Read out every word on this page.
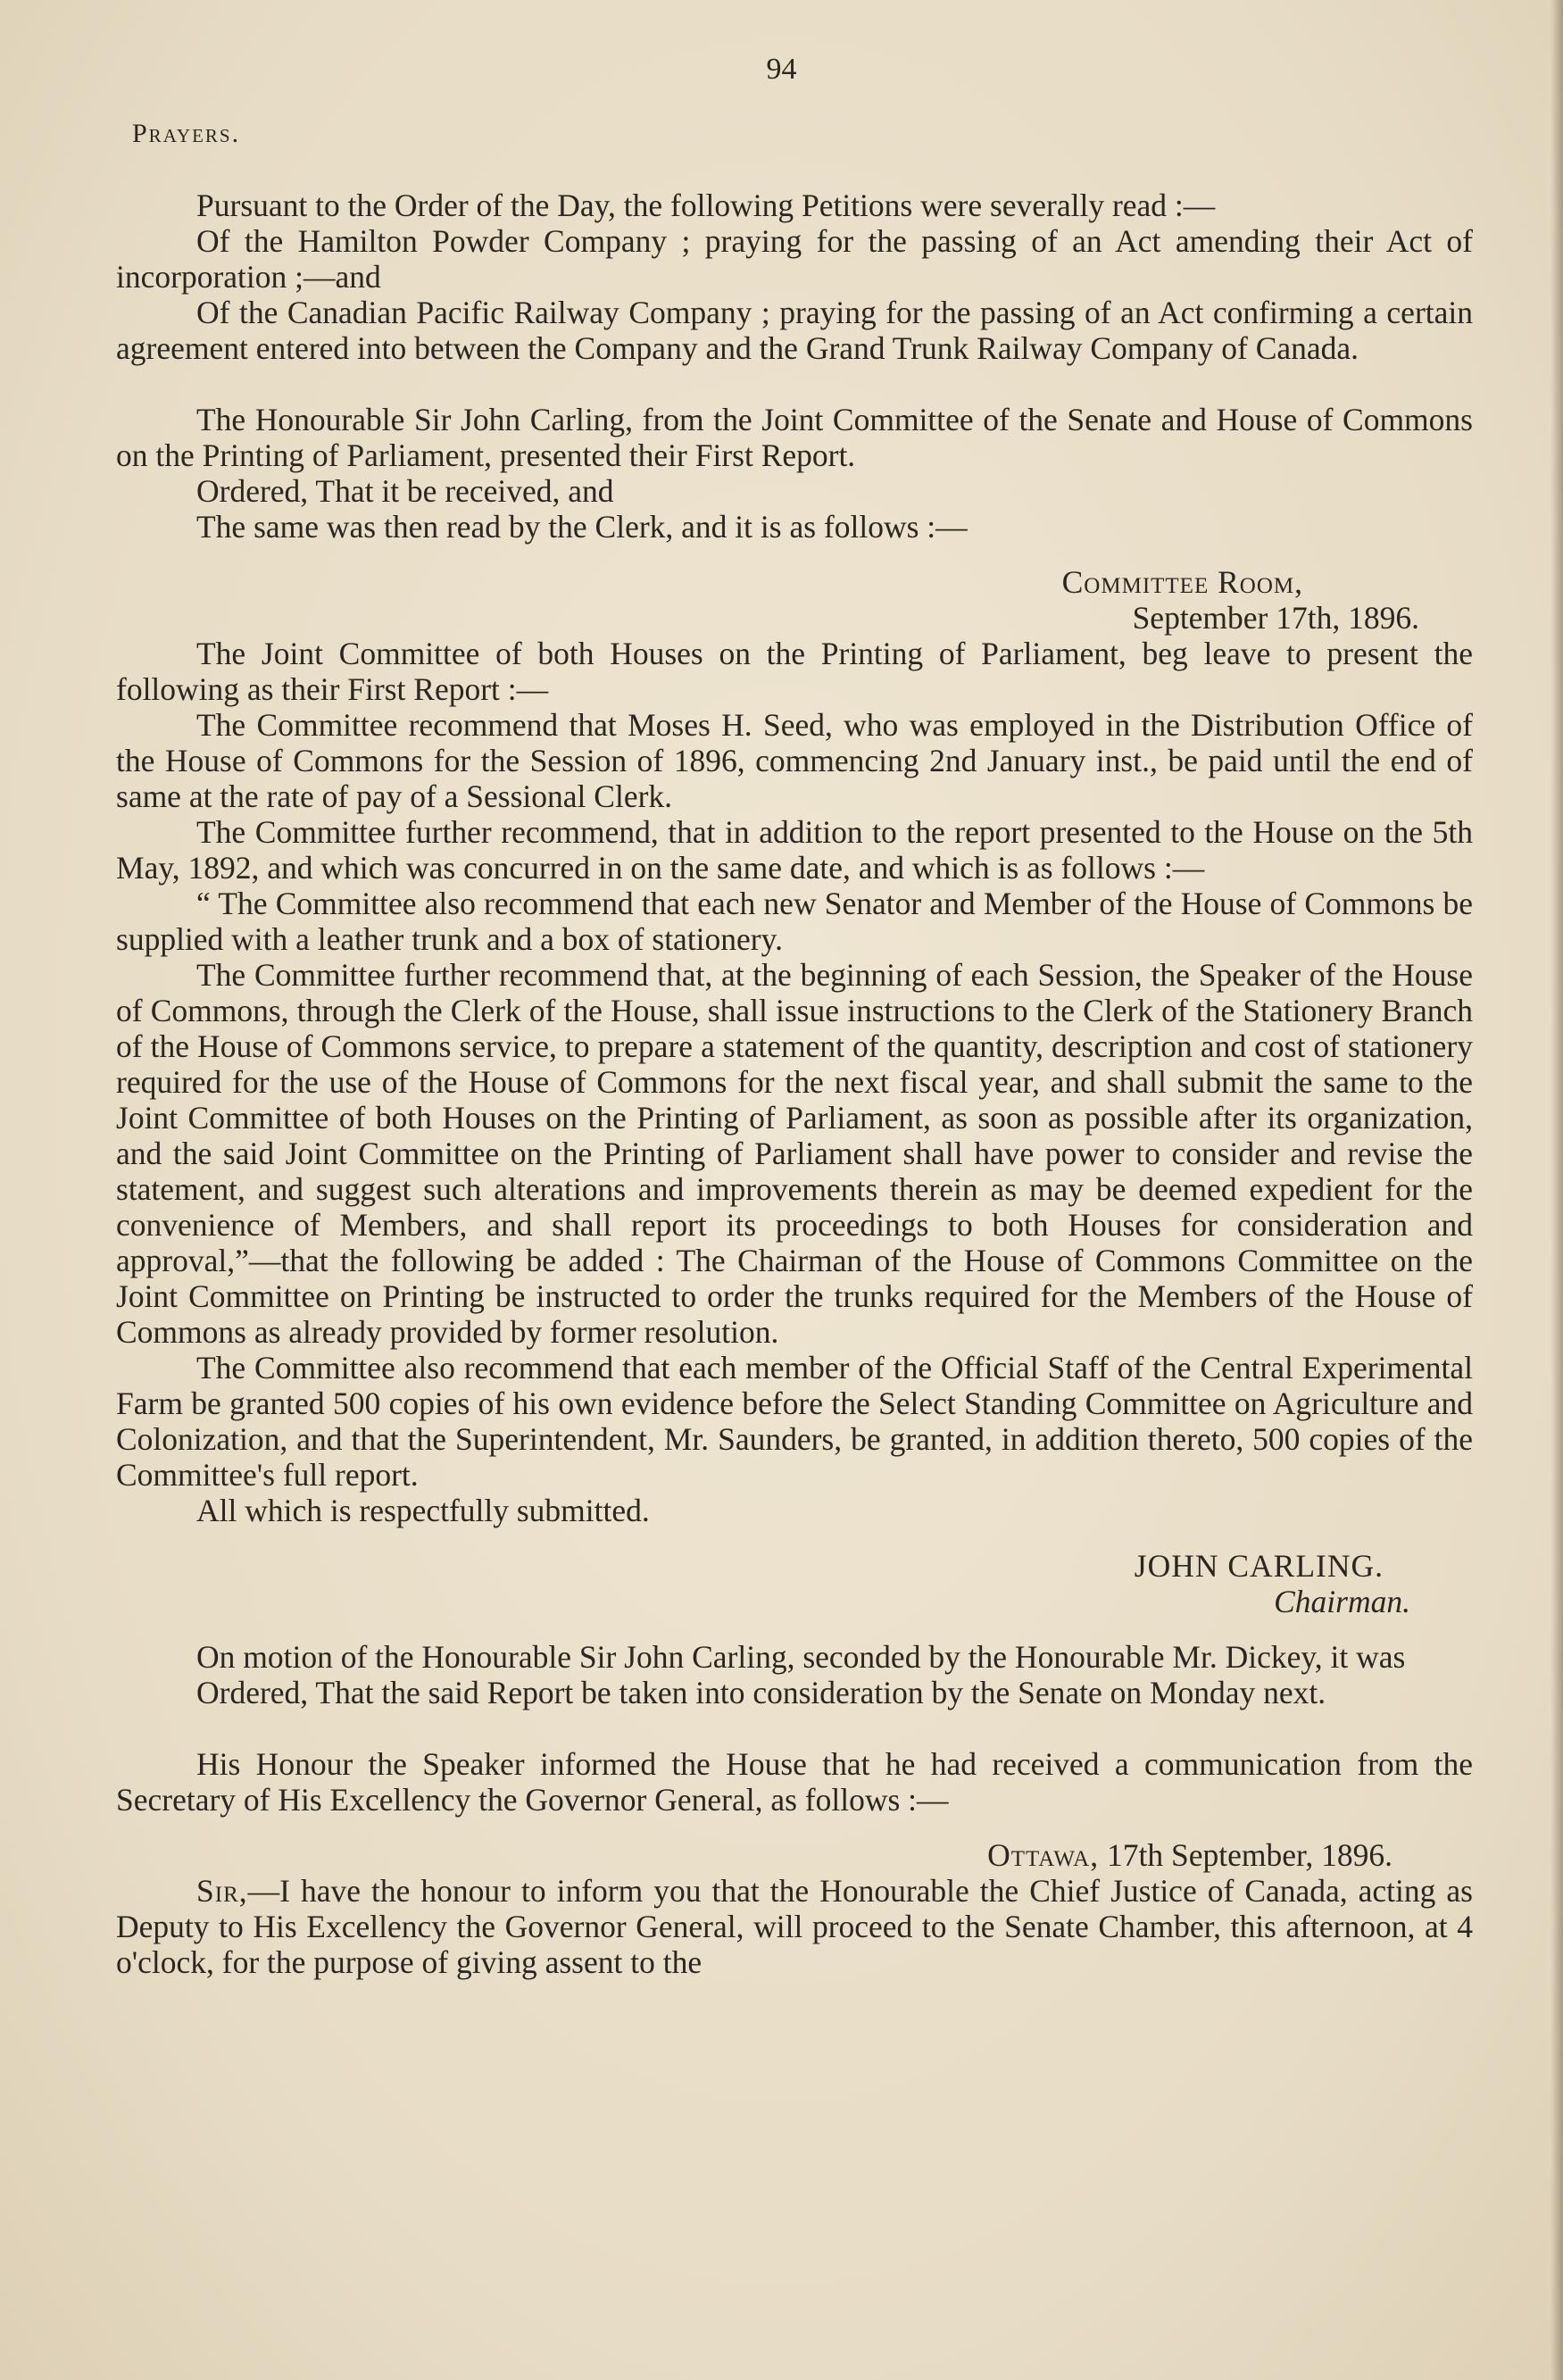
94
Prayers.

Pursuant to the Order of the Day, the following Petitions were severally read :—

Of the Hamilton Powder Company ; praying for the passing of an Act amending their Act of incorporation ;—and

Of the Canadian Pacific Railway Company ; praying for the passing of an Act confirming a certain agreement entered into between the Company and the Grand Trunk Railway Company of Canada.

The Honourable Sir John Carling, from the Joint Committee of the Senate and House of Commons on the Printing of Parliament, presented their First Report.

Ordered, That it be received, and

The same was then read by the Clerk, and it is as follows :—

Committee Room,

September 17th, 1896.

The Joint Committee of both Houses on the Printing of Parliament, beg leave to present the following as their First Report :—

The Committee recommend that Moses H. Seed, who was employed in the Distribution Office of the House of Commons for the Session of 1896, commencing 2nd January inst., be paid until the end of same at the rate of pay of a Sessional Clerk.

The Committee further recommend, that in addition to the report presented to the House on the 5th May, 1892, and which was concurred in on the same date, and which is as follows :—

“ The Committee also recommend that each new Senator and Member of the House of Commons be supplied with a leather trunk and a box of stationery.

The Committee further recommend that, at the beginning of each Session, the Speaker of the House of Commons, through the Clerk of the House, shall issue instructions to the Clerk of the Stationery Branch of the House of Commons service, to prepare a statement of the quantity, description and cost of stationery required for the use of the House of Commons for the next fiscal year, and shall submit the same to the Joint Committee of both Houses on the Printing of Parliament, as soon as possible after its organization, and the said Joint Committee on the Printing of Parliament shall have power to consider and revise the statement, and suggest such alterations and improvements therein as may be deemed expedient for the convenience of Members, and shall report its proceedings to both Houses for consideration and approval,”—that the following be added : The Chairman of the House of Commons Committee on the Joint Committee on Printing be instructed to order the trunks required for the Members of the House of Commons as already provided by former resolution.

The Committee also recommend that each member of the Official Staff of the Central Experimental Farm be granted 500 copies of his own evidence before the Select Standing Committee on Agriculture and Colonization, and that the Superintendent, Mr. Saunders, be granted, in addition thereto, 500 copies of the Committee's full report.

All which is respectfully submitted.

JOHN CARLING.

Chairman.

On motion of the Honourable Sir John Carling, seconded by the Honourable Mr. Dickey, it was

Ordered, That the said Report be taken into consideration by the Senate on Monday next.

His Honour the Speaker informed the House that he had received a communication from the Secretary of His Excellency the Governor General, as follows :—

Ottawa, 17th September, 1896.

Sir,—I have the honour to inform you that the Honourable the Chief Justice of Canada, acting as Deputy to His Excellency the Governor General, will proceed to the Senate Chamber, this afternoon, at 4 o'clock, for the purpose of giving assent to the
